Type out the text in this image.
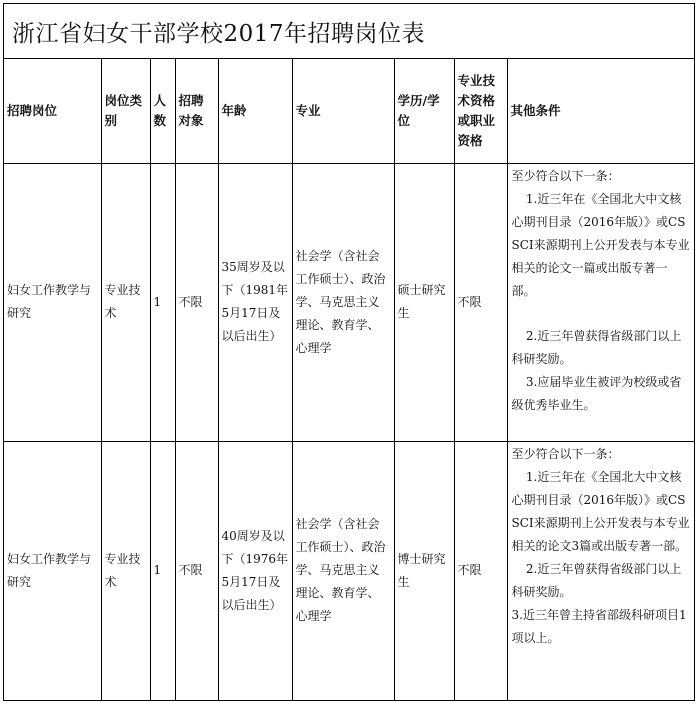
浙江省妇女干部学校2017年招聘岗位表
招聘岗位	岗位类别	人数	招聘对象	年龄	专业	学历/学位	专业技术资格或职业资格	其他条件
妇女工作教学与研究	专业技术	1	不限	35周岁及以下（1981年5月17日及以后出生）	社会学（含社会工作硕士）、政治学、马克思主义理论、教育学、心理学	硕士研究生	不限	至少符合以下一条：

1.近三年在《全国北大中文核心期刊目录（2016年版）》或CSSCI来源期刊上公开发表与本专业相关的论文一篇或出版专著一部。

2.近三年曾获得省级部门以上科研奖励。

3.应届毕业生被评为校级或省级优秀毕业生。

妇女工作教学与研究	专业技术	1	不限	40周岁及以下（1976年5月17日及以后出生）	社会学（含社会工作硕士）、政治学、马克思主义理论、教育学、心理学	博士研究生	不限	至少符合以下一条：

1.近三年在《全国北大中文核心期刊目录（2016年版）》或CSSCI来源期刊上公开发表与本专业相关的论文3篇或出版专著一部。

2.近三年曾获得省级部门以上科研奖励。

3.近三年曾主持省部级科研项目1项以上。
